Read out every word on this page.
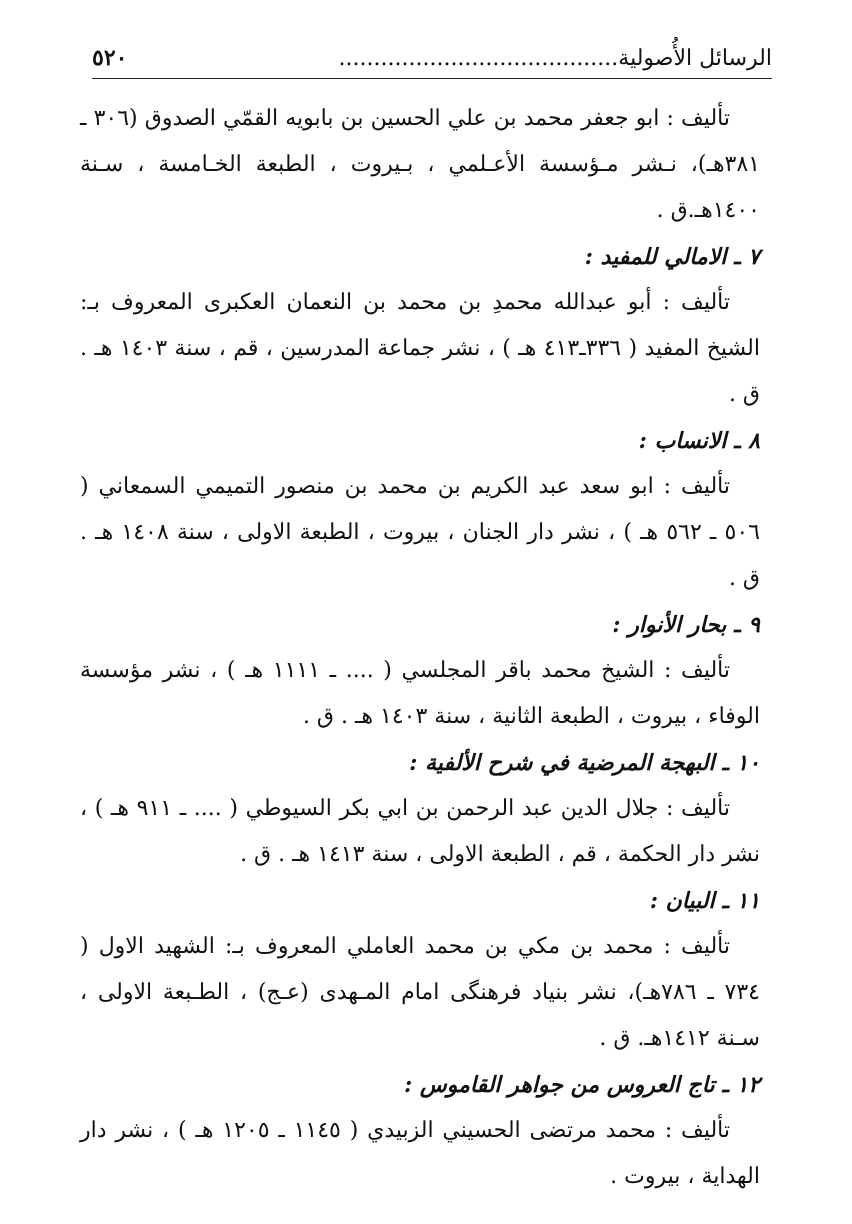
الرسائل الأُصولية........................................
٥٢٠

تأليف : ابو جعفر محمد بن علي الحسين بن بابويه القمّي الصدوق (٣٠٦ ـ ٣٨١هـ)، نـشر مـؤسسة الأعـلمي ، بـيروت ، الطبعة الخـامسة ، سـنة ١٤٠٠هـ.ق .

٧ ـ الامالي للمفيد :

تأليف : أبو عبدالله محمدِ بن محمد بن النعمان العكبرى المعروف بـ: الشيخ المفيد ( ٣٣٦ـ٤١٣ هـ ) ، نشر جماعة المدرسين ، قم ، سنة ١٤٠٣ هـ . ق .

٨ ـ الانساب :

تأليف : ابو سعد عبد الكريم بن محمد بن منصور التميمي السمعاني ( ٥٠٦ ـ ٥٦٢ هـ ) ، نشر دار الجنان ، بيروت ، الطبعة الاولى ، سنة ١٤٠٨ هـ . ق .

٩ ـ بحار الأنوار :

تأليف : الشيخ محمد باقر المجلسي ( .... ـ ١١١١ هـ ) ، نشر مؤسسة الوفاء ، بيروت ، الطبعة الثانية ، سنة ١٤٠٣ هـ . ق .

١٠ ـ البهجة المرضية في شرح الألفية :

تأليف : جلال الدين عبد الرحمن بن ابي بكر السيوطي ( .... ـ ٩١١ هـ ) ، نشر دار الحكمة ، قم ، الطبعة الاولى ، سنة ١٤١٣ هـ . ق .

١١ ـ البيان :

تأليف : محمد بن مكي بن محمد العاملي المعروف بـ: الشهيد الاول ( ٧٣٤ ـ ٧٨٦هـ)، نشر بنياد فرهنگى امام المـهدى (عـج) ، الطـبعة الاولى ، سـنة ١٤١٢هـ. ق .

١٢ ـ تاج العروس من جواهر القاموس :

تأليف : محمد مرتضى الحسيني الزبيدي ( ١١٤٥ ـ ١٢٠٥ هـ ) ، نشر دار الهداية ، بيروت .
